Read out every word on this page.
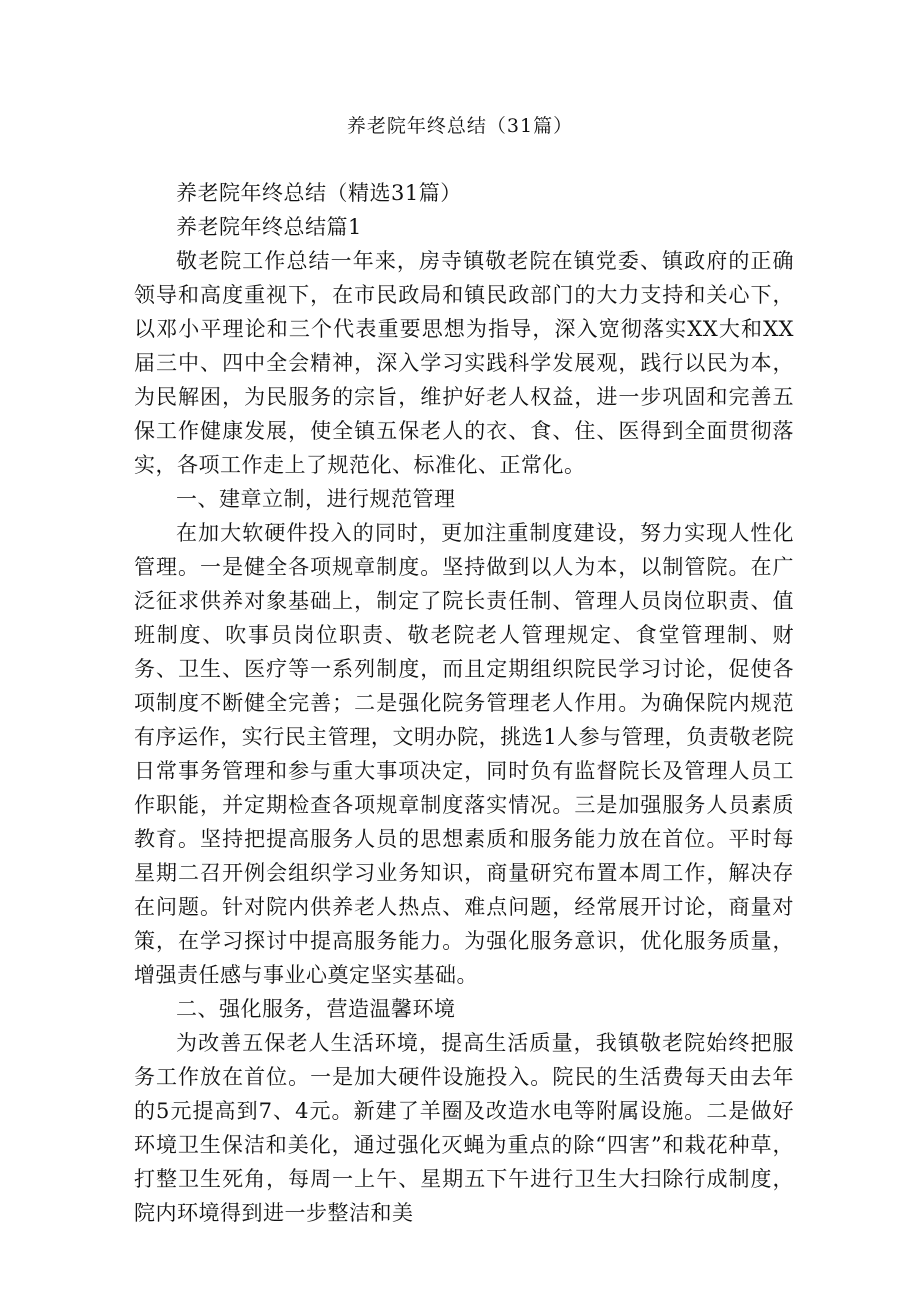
养老院年终总结（31篇）

养老院年终总结（精选31篇）

养老院年终总结篇1

敬老院工作总结一年来，房寺镇敬老院在镇党委、镇政府的正确领导和高度重视下，在市民政局和镇民政部门的大力支持和关心下，以邓小平理论和三个代表重要思想为指导，深入宽彻落实XX大和XX届三中、四中全会精神，深入学习实践科学发展观，践行以民为本，为民解困，为民服务的宗旨，维护好老人权益，进一步巩固和完善五保工作健康发展，使全镇五保老人的衣、食、住、医得到全面贯彻落实，各项工作走上了规范化、标准化、正常化。

一、建章立制，进行规范管理

在加大软硬件投入的同时，更加注重制度建设，努力实现人性化管理。一是健全各项规章制度。坚持做到以人为本，以制管院。在广泛征求供养对象基础上，制定了院长责任制、管理人员岗位职责、值班制度、吹事员岗位职责、敬老院老人管理规定、食堂管理制、财务、卫生、医疗等一系列制度，而且定期组织院民学习讨论，促使各项制度不断健全完善；二是强化院务管理老人作用。为确保院内规范有序运作，实行民主管理，文明办院，挑选1人参与管理，负责敬老院日常事务管理和参与重大事项决定，同时负有监督院长及管理人员工作职能，并定期检查各项规章制度落实情况。三是加强服务人员素质教育。坚持把提高服务人员的思想素质和服务能力放在首位。平时每星期二召开例会组织学习业务知识，商量研究布置本周工作，解决存在问题。针对院内供养老人热点、难点问题，经常展开讨论，商量对策，在学习探讨中提高服务能力。为强化服务意识，优化服务质量，增强责任感与事业心奠定坚实基础。

二、强化服务，营造温馨环境

为改善五保老人生活环境，提高生活质量，我镇敬老院始终把服务工作放在首位。一是加大硬件设施投入。院民的生活费每天由去年的5元提高到7、4元。新建了羊圈及改造水电等附属设施。二是做好环境卫生保洁和美化，通过强化灭蝇为重点的除“四害”和栽花种草，打整卫生死角，每周一上午、星期五下午进行卫生大扫除行成制度，院内环境得到进一步整洁和美
